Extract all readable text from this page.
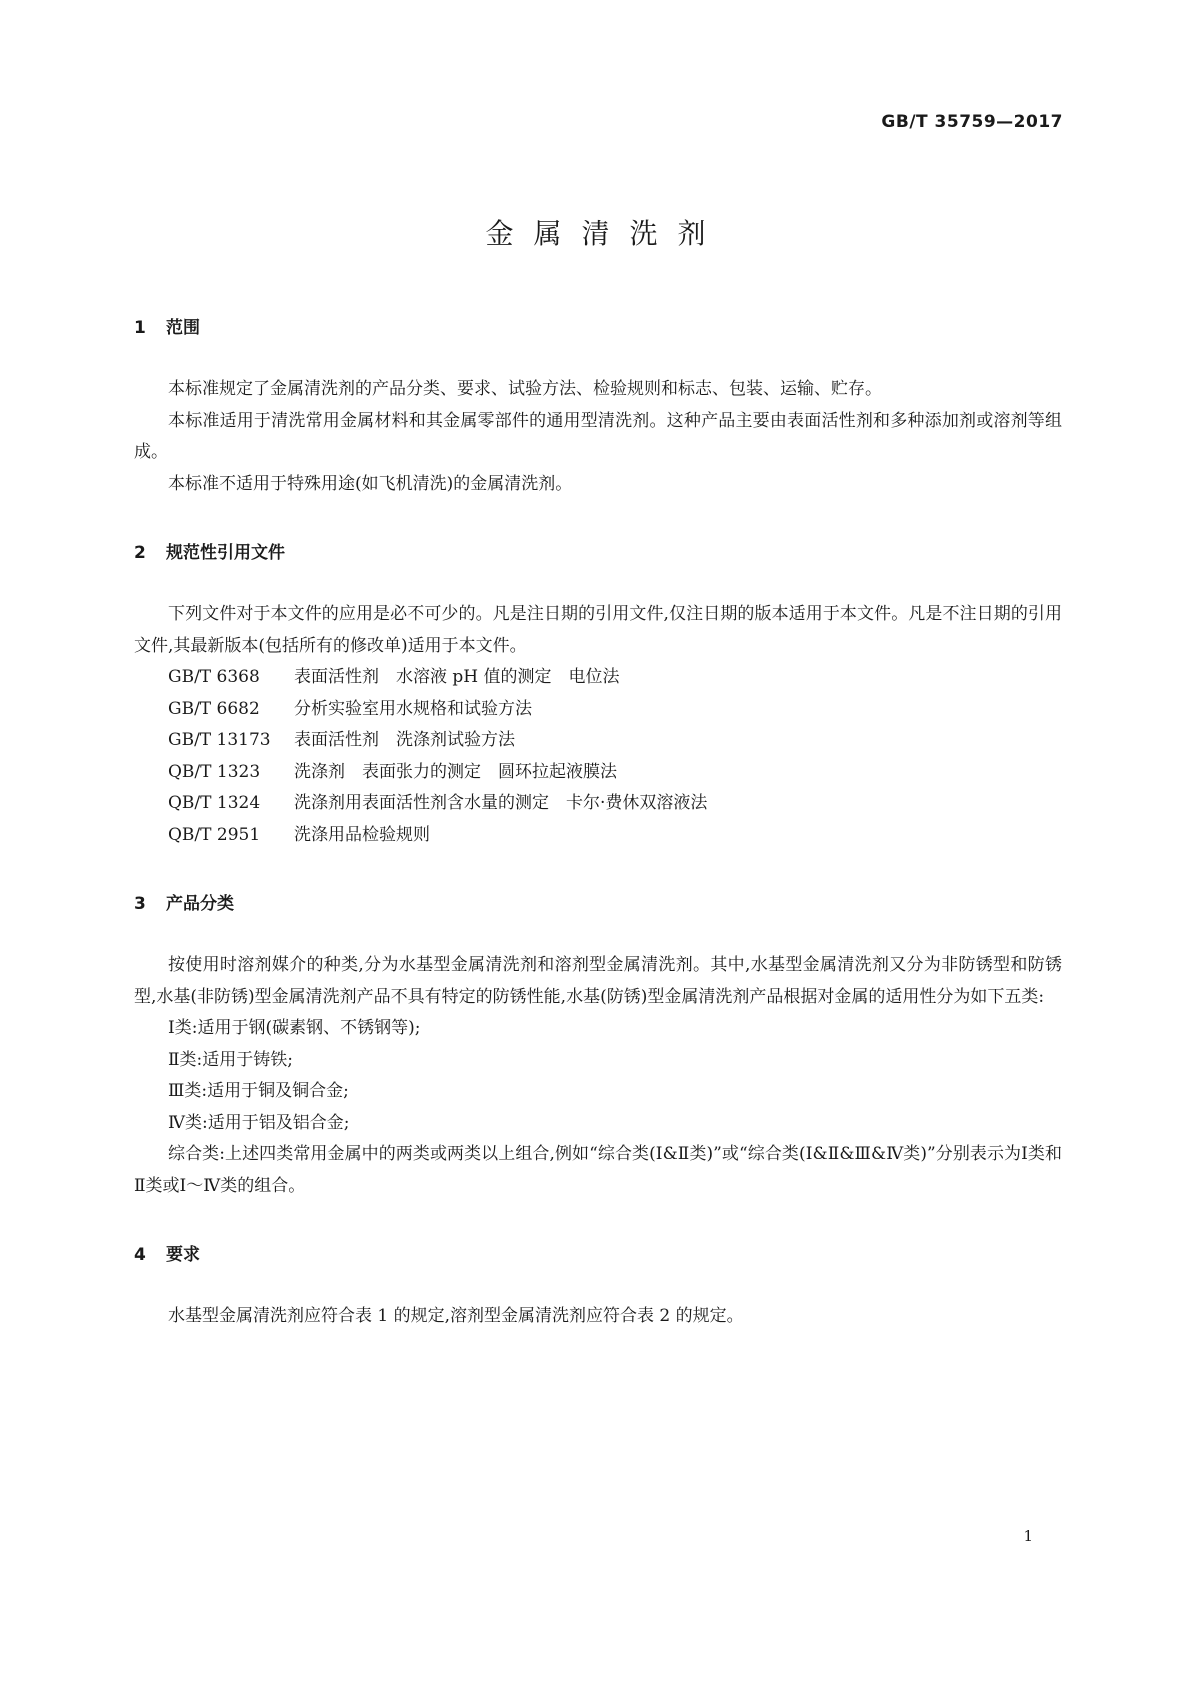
GB/T 35759—2017
金属清洗剂
1 范围

本标准规定了金属清洗剂的产品分类、要求、试验方法、检验规则和标志、包装、运输、贮存。

本标准适用于清洗常用金属材料和其金属零部件的通用型清洗剂。这种产品主要由表面活性剂和多种添加剂或溶剂等组成。

本标准不适用于特殊用途(如飞机清洗)的金属清洗剂。

2 规范性引用文件

下列文件对于本文件的应用是必不可少的。凡是注日期的引用文件,仅注日期的版本适用于本文件。凡是不注日期的引用文件,其最新版本(包括所有的修改单)适用于本文件。

GB/T 6368 表面活性剂　水溶液 pH 值的测定　电位法
GB/T 6682 分析实验室用水规格和试验方法
GB/T 13173 表面活性剂　洗涤剂试验方法
QB/T 1323 洗涤剂　表面张力的测定　圆环拉起液膜法
QB/T 1324 洗涤剂用表面活性剂含水量的测定　卡尔·费休双溶液法
QB/T 2951 洗涤用品检验规则
3 产品分类

按使用时溶剂媒介的种类,分为水基型金属清洗剂和溶剂型金属清洗剂。其中,水基型金属清洗剂又分为非防锈型和防锈型,水基(非防锈)型金属清洗剂产品不具有特定的防锈性能,水基(防锈)型金属清洗剂产品根据对金属的适用性分为如下五类:

Ⅰ类:适用于钢(碳素钢、不锈钢等);

Ⅱ类:适用于铸铁;

Ⅲ类:适用于铜及铜合金;

Ⅳ类:适用于铝及铝合金;

综合类:上述四类常用金属中的两类或两类以上组合,例如“综合类(Ⅰ&Ⅱ类)”或“综合类(Ⅰ&Ⅱ&Ⅲ&Ⅳ类)”分别表示为Ⅰ类和Ⅱ类或Ⅰ～Ⅳ类的组合。

4 要求

水基型金属清洗剂应符合表 1 的规定,溶剂型金属清洗剂应符合表 2 的规定。

1
